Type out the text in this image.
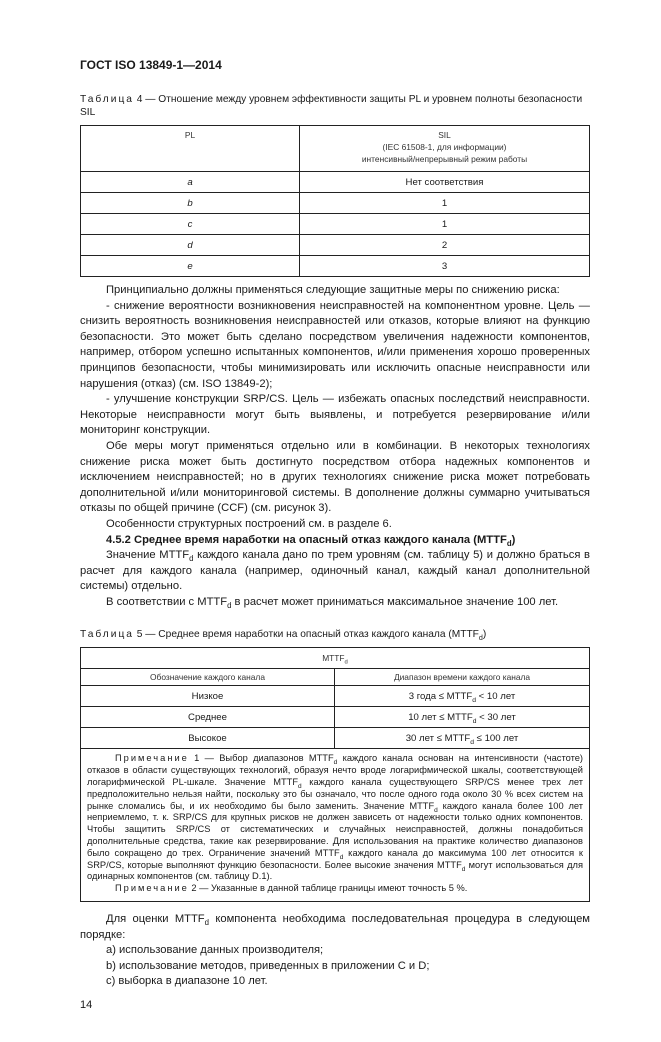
ГОСТ ISO 13849-1—2014
Таблица 4 — Отношение между уровнем эффективности защиты PL и уровнем полноты безопасности SIL
PL	SIL
(IEC 61508-1, для информации)
интенсивный/непрерывный режим работы

a	Нет соответствия
b	1
c	1
d	2
e	3

Принципиально должны применяться следующие защитные меры по снижению риска:

- снижение вероятности возникновения неисправностей на компонентном уровне. Цель — снизить вероятность возникновения неисправностей или отказов, которые влияют на функцию безопасности. Это может быть сделано посредством увеличения надежности компонентов, например, отбором успешно испытанных компонентов, и/или применения хорошо проверенных принципов безопасности, чтобы минимизировать или исключить опасные неисправности или нарушения (отказ) (см. ISO 13849-2);

- улучшение конструкции SRP/CS. Цель — избежать опасных последствий неисправности. Некоторые неисправности могут быть выявлены, и потребуется резервирование и/или мониторинг конструкции.

Обе меры могут применяться отдельно или в комбинации. В некоторых технологиях снижение риска может быть достигнуто посредством отбора надежных компонентов и исключением неисправностей; но в других технологиях снижение риска может потребовать дополнительной и/или мониторинговой системы. В дополнение должны суммарно учитываться отказы по общей причине (CCF) (см. рисунок 3).

Особенности структурных построений см. в разделе 6.

4.5.2 Среднее время наработки на опасный отказ каждого канала $(MTTF_d)$

Значение $MTTF_d$ каждого канала дано по трем уровням (см. таблицу 5) и должно браться в расчет для каждого канала (например, одиночный канал, каждый канал дополнительной системы) отдельно.

В соответствии с $MTTF_d$ в расчет может приниматься максимальное значение 100 лет.

Таблица 5 — Среднее время наработки на опасный отказ каждого канала $(MTTF_d)$
$MTTF_d$
Обозначение каждого канала	Диапазон времени каждого канала
Низкое	3 года ≤ $MTTF_d < 10$ лет
Среднее	10 лет ≤ $MTTF_d < 30$ лет
Высокое	30 лет ≤ $MTTF_d \le 100$ лет

Примечание 1 — Выбор диапазонов $MTTF_d$ каждого канала основан на интенсивности (частоте) отказов в области существующих технологий, образуя нечто вроде логарифмической шкалы, соответствующей логарифмической PL-шкале. Значение $MTTF_d$ каждого канала существующего SRP/CS менее трех лет предположительно нельзя найти, поскольку это бы означало, что после одного года около 30 % всех систем на рынке сломались бы, и их необходимо бы было заменить. Значение $MTTF_d$ каждого канала более 100 лет неприемлемо, т. к. SRP/CS для крупных рисков не должен зависеть от надежности только одних компонентов. Чтобы защитить SRP/CS от систематических и случайных неисправностей, должны понадобиться дополнительные средства, такие как резервирование. Для использования на практике количество диапазонов было сокращено до трех. Ограничение значений $MTTF_d$ каждого канала до максимума 100 лет относится к SRP/CS, которые выполняют функцию безопасности. Более высокие значения $MTTF_d$ могут использоваться для одинарных компонентов (см. таблицу D.1).
Примечание 2 — Указанные в данной таблице границы имеют точность 5 %.	

Для оценки $MTTF_d$ компонента необходима последовательная процедура в следующем порядке:

a) использование данных производителя;

b) использование методов, приведенных в приложении C и D;

c) выборка в диапазоне 10 лет.

14
